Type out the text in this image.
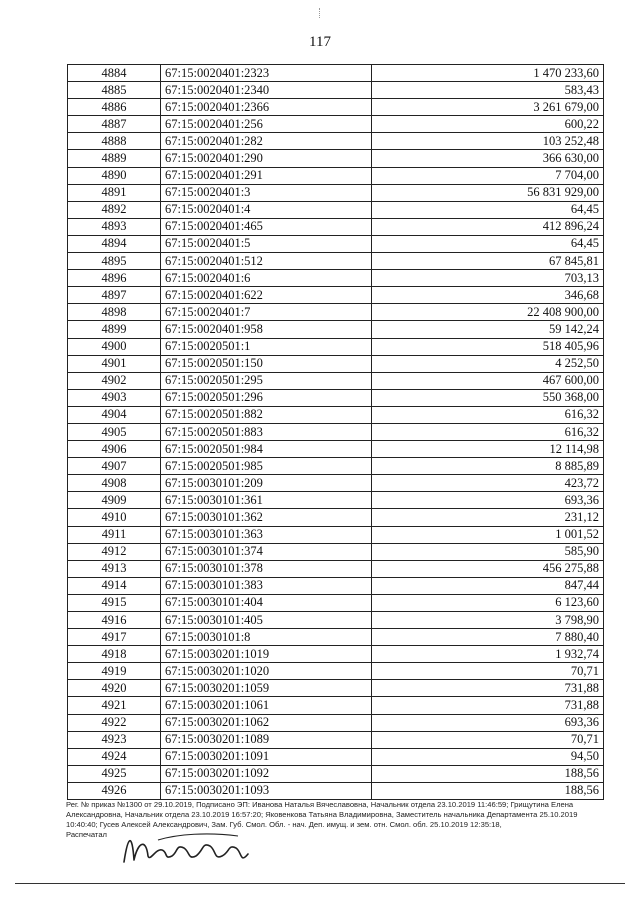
117
4884	67:15:0020401:2323	1 470 233,60
4885	67:15:0020401:2340	583,43
4886	67:15:0020401:2366	3 261 679,00
4887	67:15:0020401:256	600,22
4888	67:15:0020401:282	103 252,48
4889	67:15:0020401:290	366 630,00
4890	67:15:0020401:291	7 704,00
4891	67:15:0020401:3	56 831 929,00
4892	67:15:0020401:4	64,45
4893	67:15:0020401:465	412 896,24
4894	67:15:0020401:5	64,45
4895	67:15:0020401:512	67 845,81
4896	67:15:0020401:6	703,13
4897	67:15:0020401:622	346,68
4898	67:15:0020401:7	22 408 900,00
4899	67:15:0020401:958	59 142,24
4900	67:15:0020501:1	518 405,96
4901	67:15:0020501:150	4 252,50
4902	67:15:0020501:295	467 600,00
4903	67:15:0020501:296	550 368,00
4904	67:15:0020501:882	616,32
4905	67:15:0020501:883	616,32
4906	67:15:0020501:984	12 114,98
4907	67:15:0020501:985	8 885,89
4908	67:15:0030101:209	423,72
4909	67:15:0030101:361	693,36
4910	67:15:0030101:362	231,12
4911	67:15:0030101:363	1 001,52
4912	67:15:0030101:374	585,90
4913	67:15:0030101:378	456 275,88
4914	67:15:0030101:383	847,44
4915	67:15:0030101:404	6 123,60
4916	67:15:0030101:405	3 798,90
4917	67:15:0030101:8	7 880,40
4918	67:15:0030201:1019	1 932,74
4919	67:15:0030201:1020	70,71
4920	67:15:0030201:1059	731,88
4921	67:15:0030201:1061	731,88
4922	67:15:0030201:1062	693,36
4923	67:15:0030201:1089	70,71
4924	67:15:0030201:1091	94,50
4925	67:15:0030201:1092	188,56
4926	67:15:0030201:1093	188,56
Рег. № приказ №1300 от 29.10.2019, Подписано ЭП: Иванова Наталья Вячеславовна, Начальник отдела 23.10.2019 11:46:59; Грищутина Елена
Александровна, Начальник отдела 23.10.2019 16:57:20; Яковенкова Татьяна Владимировна, Заместитель начальника Департамента 25.10.2019
10:40:40; Гусев Алексей Александрович, Зам. Губ. Смол. Обл. - нач. Деп. имущ. и зем. отн. Смол. обл. 25.10.2019 12:35:18,
Распечатал
